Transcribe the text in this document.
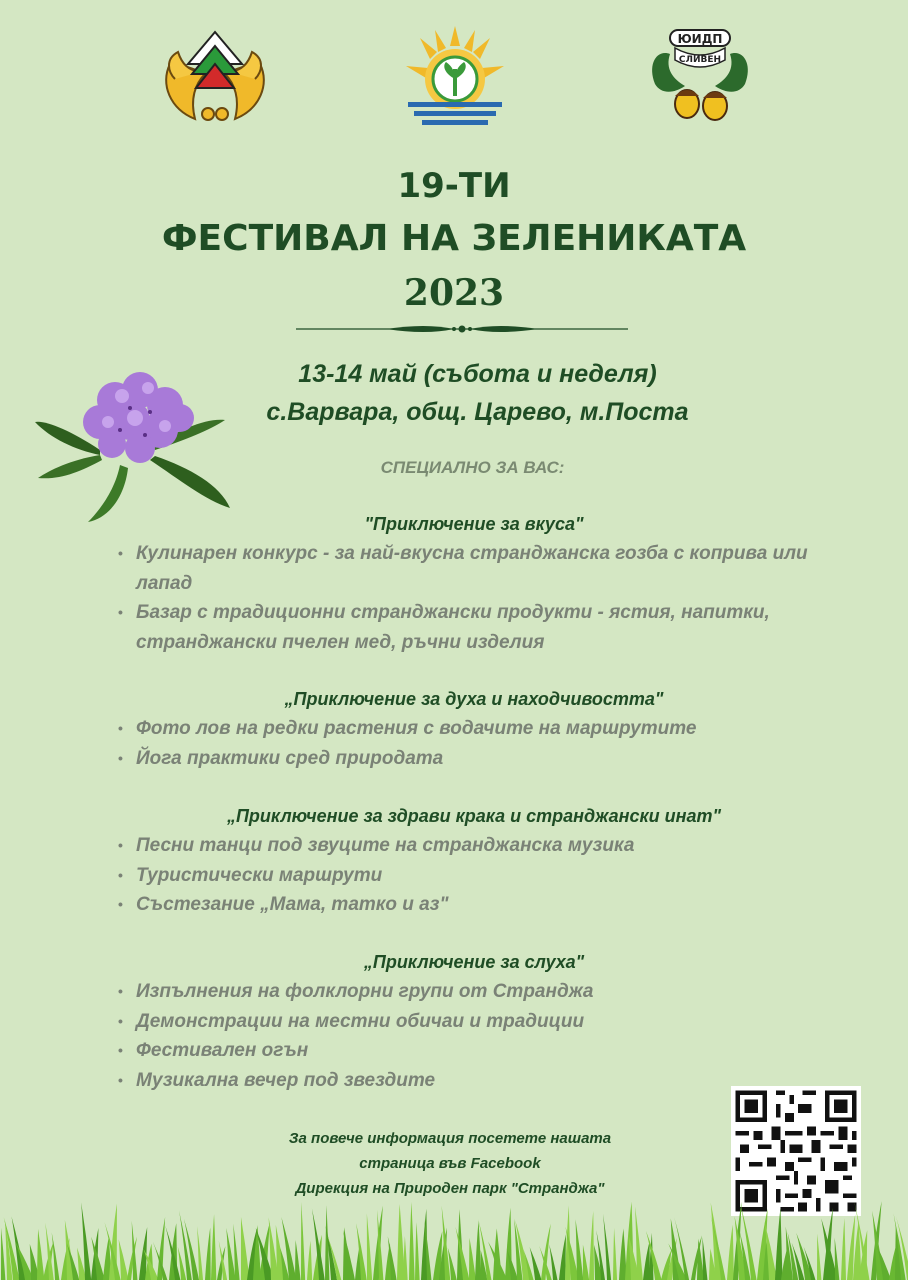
ЮИДП
СЛИВЕН
19-ТИ
ФЕСТИВАЛ НА ЗЕЛЕНИКАТА
2023
13-14 май (събота и неделя)
с.Варвара, общ. Царево, м.Поста
СПЕЦИАЛНО ЗА ВАС:
"Приключение за вкуса"
• Кулинарен конкурс - за най-вкусна странджанска гозба с коприва или лапад
• Базар с традиционни странджански продукти - ястия, напитки, странджански пчелен мед, ръчни изделия
„Приключение за духа и находчивостта"
• Фото лов на редки растения с водачите на маршрутите
• Йога практики сред природата
„Приключение за здрави крака и странджански инат"
• Песни танци под звуците на странджанска музика
• Туристически маршрути
• Състезание „Мама, татко и аз"
„Приключение за слуха"
• Изпълнения на фолклорни групи от Странджа
• Демонстрации на местни обичаи и традиции
• Фестивален огън
• Музикална вечер под звездите
За повече информация посетете нашата
страница във Facebook
Дирекция на Природен парк "Странджа"
